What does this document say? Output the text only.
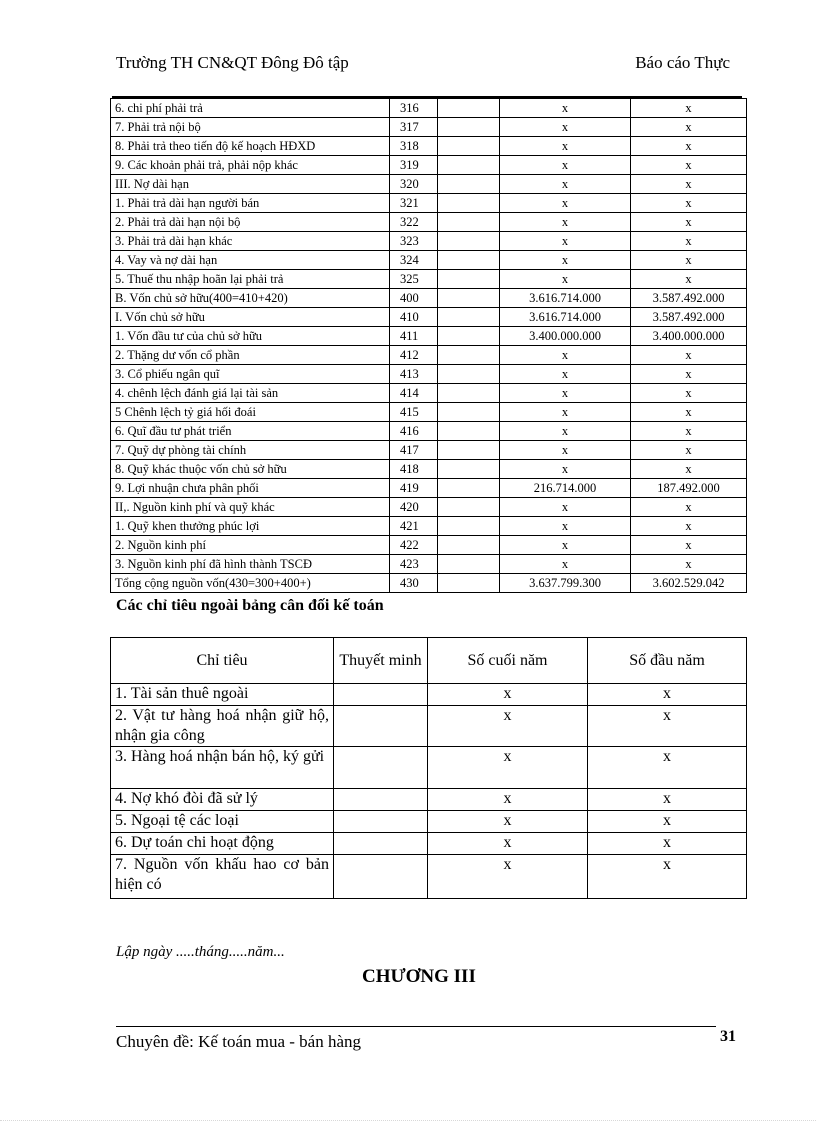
Trường TH CN&QT Đông Đô tập	Báo cáo Thực
6. chi phí phải trả	316		x	x
7. Phải trả nội bộ	317		x	x
8. Phải trả theo tiến độ kế hoạch HĐXD	318		x	x
9. Các khoản phải trả, phải nộp khác	319		x	x
III. Nợ dài hạn	320		x	x
1. Phải trả dài hạn người bán	321		x	x
2. Phải trả dài hạn nội bộ	322		x	x
3. Phải trả dài hạn khác	323		x	x
4. Vay và nợ dài hạn	324		x	x
5. Thuế thu nhập hoãn lại phải trả	325		x	x
B. Vốn chủ sở hữu(400=410+420)	400		3.616.714.000	3.587.492.000
I. Vốn chủ sở hữu	410		3.616.714.000	3.587.492.000
1. Vốn đầu tư của chủ sở hữu	411		3.400.000.000	3.400.000.000
2. Thặng dư vốn cổ phần	412		x	x
3. Cổ phiếu ngân quĩ	413		x	x
4. chênh lệch đánh giá lại tài sản	414		x	x
5 Chênh lệch tỷ giá hối đoái	415		x	x
6. Quĩ đầu tư phát triển	416		x	x
7. Quỹ dự phòng tài chính	417		x	x
8. Quỹ khác thuộc vốn chủ sở hữu	418		x	x
9. Lợi nhuận chưa phân phối	419		216.714.000	187.492.000
II,. Nguồn kinh phí và quỹ khác	420		x	x
1. Quỹ khen thưởng phúc lợi	421		x	x
2. Nguồn kinh phí	422		x	x
3. Nguồn kinh phí đã hình thành TSCĐ	423		x	x
Tổng cộng nguồn vốn(430=300+400+)	430		3.637.799.300	3.602.529.042
Các chỉ tiêu ngoài bảng cân đối kế toán
Chỉ tiêu	Thuyết minh	Số cuối năm	Số đầu năm
1. Tài sản thuê ngoài		x	x
2. Vật tư hàng hoá nhận giữ hộ, nhận gia công		x	x
3. Hàng hoá nhận bán hộ, ký gửi		x	x
4. Nợ khó đòi đã sử lý		x	x
5. Ngoại tệ các loại		x	x
6. Dự toán chi hoạt động		x	x
7. Nguồn vốn khấu hao cơ bản hiện có		x	x
Lập ngày .....tháng.....năm...
CHƯƠNG III
Chuyên đề: Kế toán mua - bán hàng	31
